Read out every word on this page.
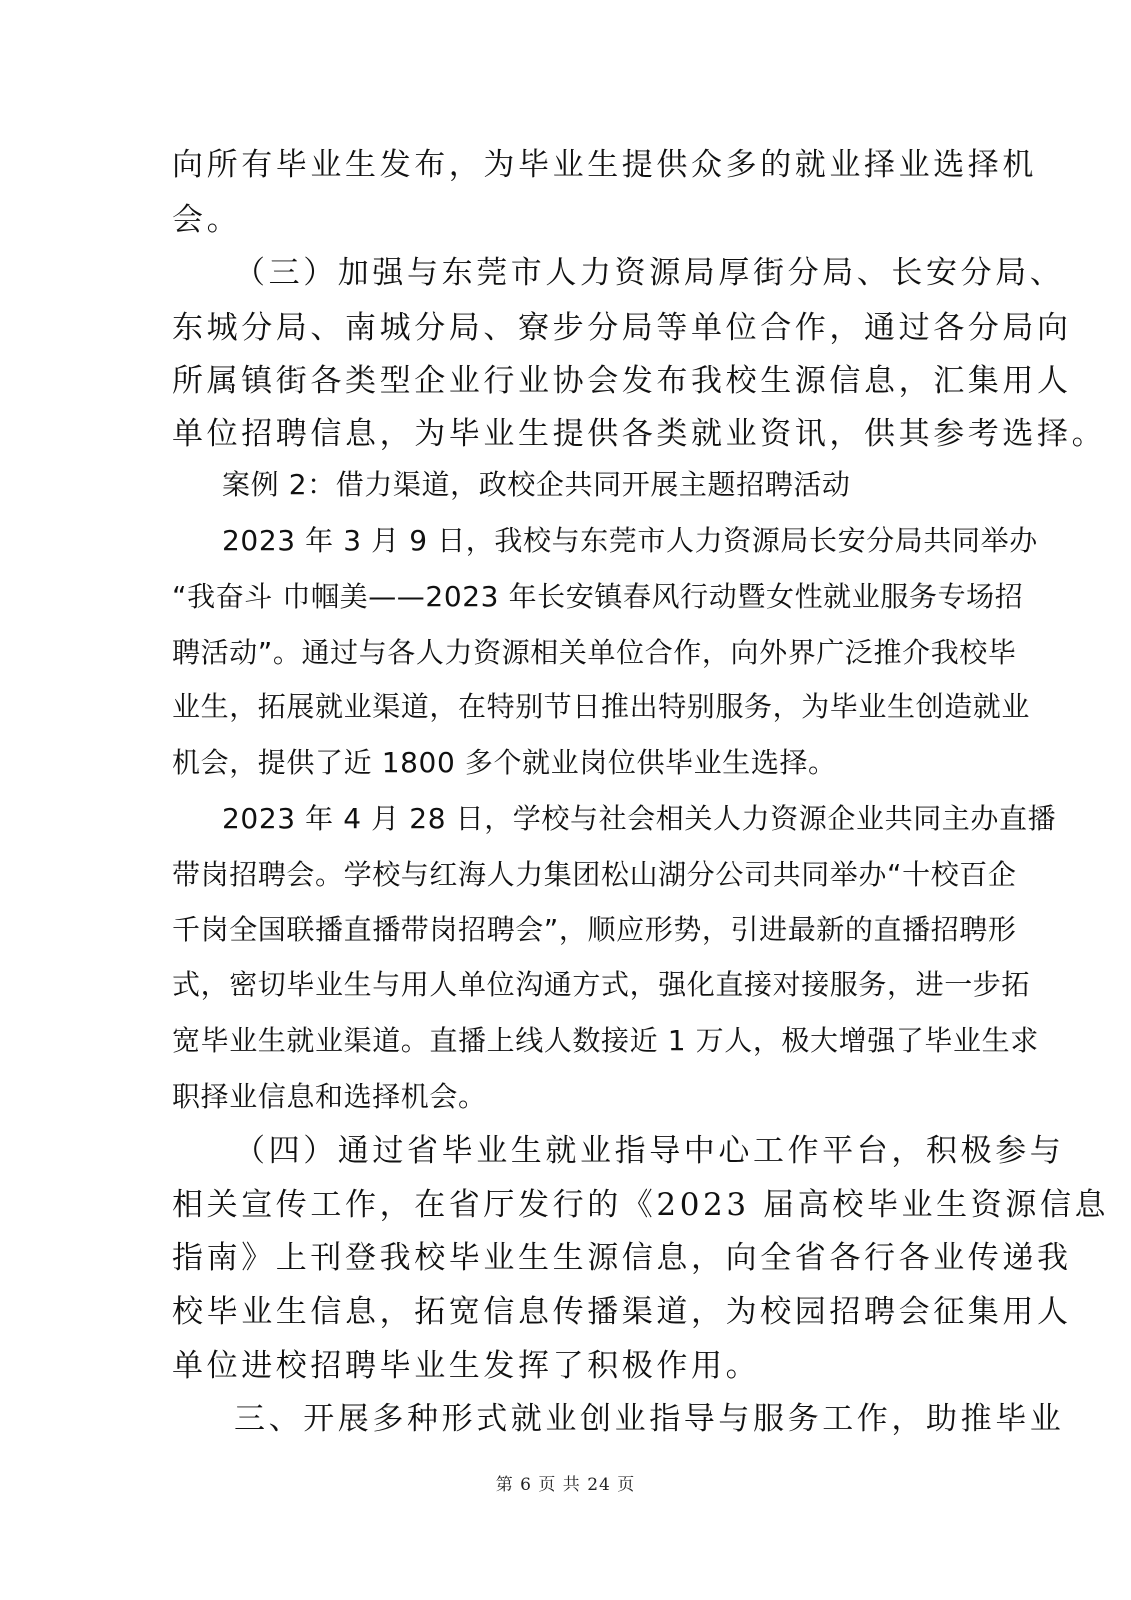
向所有毕业生发布，为毕业生提供众多的就业择业选择机
会。
（三）加强与东莞市人力资源局厚街分局、长安分局、
东城分局、南城分局、寮步分局等单位合作，通过各分局向
所属镇街各类型企业行业协会发布我校生源信息，汇集用人
单位招聘信息，为毕业生提供各类就业资讯，供其参考选择。
案例 2：借力渠道，政校企共同开展主题招聘活动
2023 年 3 月 9 日，我校与东莞市人力资源局长安分局共同举办
“我奋斗 巾帼美——2023 年长安镇春风行动暨女性就业服务专场招
聘活动”。通过与各人力资源相关单位合作，向外界广泛推介我校毕
业生，拓展就业渠道，在特别节日推出特别服务，为毕业生创造就业
机会，提供了近 1800 多个就业岗位供毕业生选择。
2023 年 4 月 28 日，学校与社会相关人力资源企业共同主办直播
带岗招聘会。学校与红海人力集团松山湖分公司共同举办“十校百企
千岗全国联播直播带岗招聘会”，顺应形势，引进最新的直播招聘形
式，密切毕业生与用人单位沟通方式，强化直接对接服务，进一步拓
宽毕业生就业渠道。直播上线人数接近 1 万人，极大增强了毕业生求
职择业信息和选择机会。
（四）通过省毕业生就业指导中心工作平台，积极参与
相关宣传工作，在省厅发行的《2023 届高校毕业生资源信息
指南》上刊登我校毕业生生源信息，向全省各行各业传递我
校毕业生信息，拓宽信息传播渠道，为校园招聘会征集用人
单位进校招聘毕业生发挥了积极作用。
三、开展多种形式就业创业指导与服务工作，助推毕业
第 6 页 共 24 页
